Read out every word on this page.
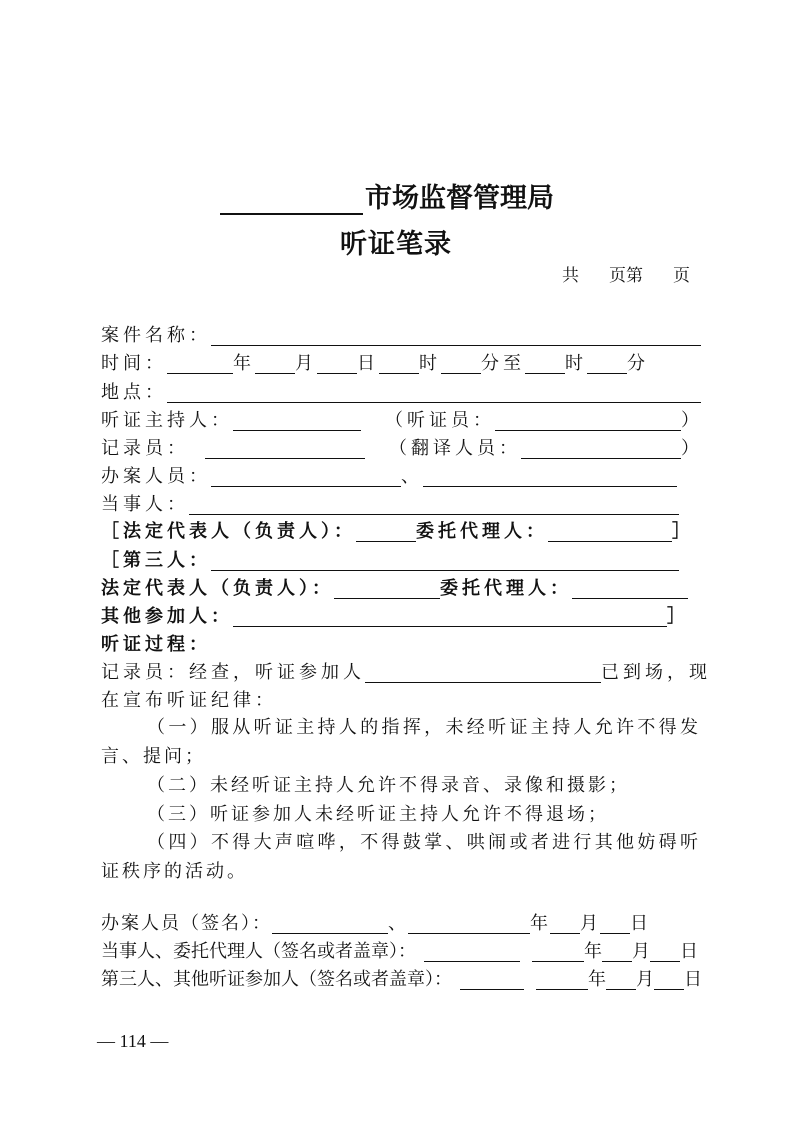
市场监督管理局
听证笔录
共 页第 页
案件名称：
时间：	年 月 日 时 分至 时 分
地点：
听证主持人：	（听证员：	）
记录员：	（翻译人员：	）
办案人员：	、
当事人：
［法定代表人（负责人）：	委托代理人：	］
［第三人：
法定代表人（负责人）：	委托代理人：
其他参加人：	］
听证过程：
记录员：经查，听证参加人	已到场，现
在宣布听证纪律：
（一）服从听证主持人的指挥，未经听证主持人允许不得发言、提问；
（二）未经听证主持人允许不得录音、录像和摄影；
（三）听证参加人未经听证主持人允许不得退场；
（四）不得大声喧哗，不得鼓掌、哄闹或者进行其他妨碍听证秩序的活动。
办案人员（签名）：	、	年 月 日
当事人、委托代理人（签名或者盖章）：	年 月 日
第三人、其他听证参加人（签名或者盖章）：	年 月 日
— 114 —
